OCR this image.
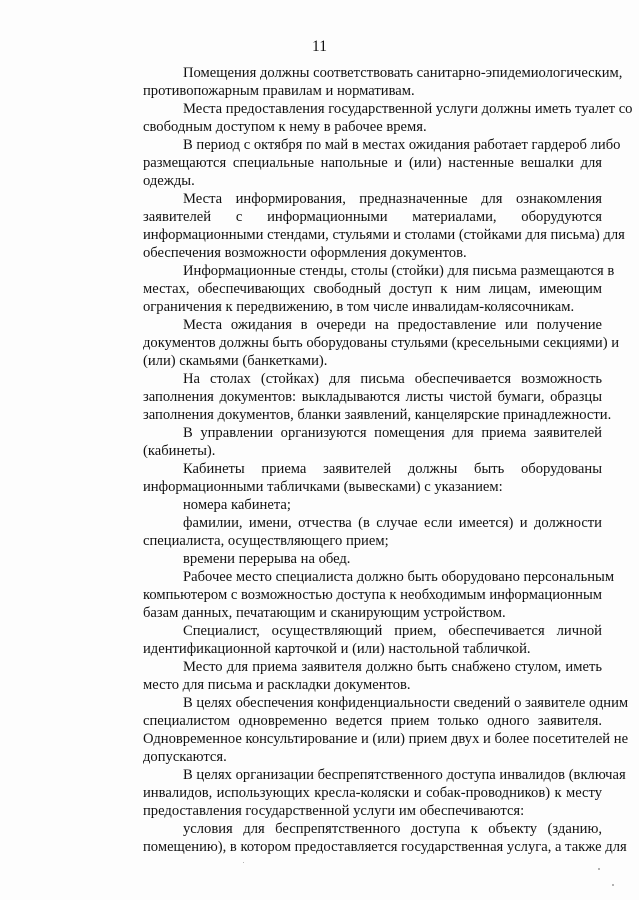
11
Помещения должны соответствовать санитарно-эпидемиологическим,
противопожарным правилам и нормативам.
Места предоставления государственной услуги должны иметь туалет со
свободным доступом к нему в рабочее время.
В период с октября по май в местах ожидания работает гардероб либо
размещаются специальные напольные и (или) настенные вешалки для
одежды.
Места информирования, предназначенные для ознакомления
заявителей с информационными материалами, оборудуются
информационными стендами, стульями и столами (стойками для письма) для
обеспечения возможности оформления документов.
Информационные стенды, столы (стойки) для письма размещаются в
местах, обеспечивающих свободный доступ к ним лицам, имеющим
ограничения к передвижению, в том числе инвалидам-колясочникам.
Места ожидания в очереди на предоставление или получение
документов должны быть оборудованы стульями (кресельными секциями) и
(или) скамьями (банкетками).
На столах (стойках) для письма обеспечивается возможность
заполнения документов: выкладываются листы чистой бумаги, образцы
заполнения документов, бланки заявлений, канцелярские принадлежности.
В управлении организуются помещения для приема заявителей
(кабинеты).
Кабинеты приема заявителей должны быть оборудованы
информационными табличками (вывесками) с указанием:
номера кабинета;
фамилии, имени, отчества (в случае если имеется) и должности
специалиста, осуществляющего прием;
времени перерыва на обед.
Рабочее место специалиста должно быть оборудовано персональным
компьютером с возможностью доступа к необходимым информационным
базам данных, печатающим и сканирующим устройством.
Специалист, осуществляющий прием, обеспечивается личной
идентификационной карточкой и (или) настольной табличкой.
Место для приема заявителя должно быть снабжено стулом, иметь
место для письма и раскладки документов.
В целях обеспечения конфиденциальности сведений о заявителе одним
специалистом одновременно ведется прием только одного заявителя.
Одновременное консультирование и (или) прием двух и более посетителей не
допускаются.
В целях организации беспрепятственного доступа инвалидов (включая
инвалидов, использующих кресла-коляски и собак-проводников) к месту
предоставления государственной услуги им обеспечиваются:
условия для беспрепятственного доступа к объекту (зданию,
помещению), в котором предоставляется государственная услуга, а также для
